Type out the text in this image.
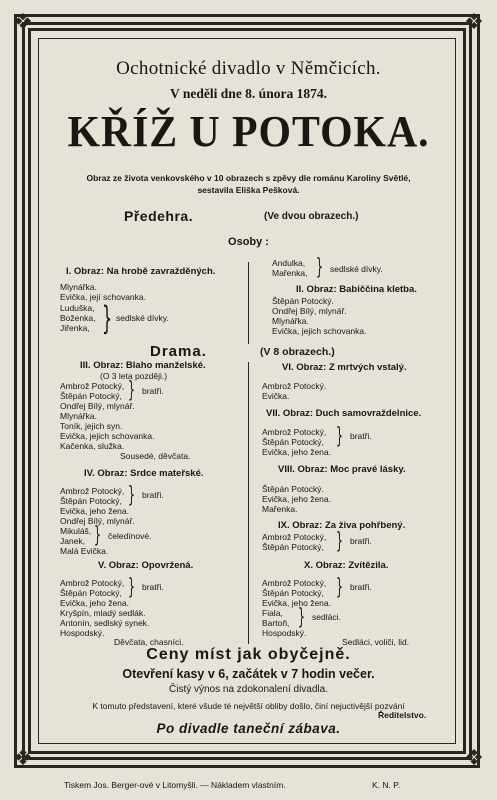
❖	❖
❖	❖
Ochotnické divadlo v Němčicích.
V neděli dne 8. února 1874.
KŘÍŽ U POTOKA.
Obraz ze života venkovského v 10 obrazech s zpěvy dle románu Karoliny Světlé,
sestavila Eliška Pešková.
Předehra.	(Ve dvou obrazech.)
Osoby :
Andulka,
Mařenka, } sedlské dívky.
I. Obraz: Na hrobě zavražděných.
Mlynářka.
Evička, její schovanka.
Luduška,
Boženka,
Jiřenka, } sedlské dívky.
II. Obraz: Babiččina kletba.
Štěpán Potocký.
Ondřej Bílý, mlynář.
Mlynářka.
Evička, jejich schovanka.
Drama.	(V 8 obrazech.)
III. Obraz: Blaho manželské.
(O 3 leta později.)
Ambrož Potocký,
Štěpán Potocký, } bratři.
Ondřej Bílý, mlynář.
Mlynářka.
Toník, jejich syn.
Evička, jejich schovanka.
Kačenka, služka.
Sousedé, děvčata.
VI. Obraz: Z mrtvých vstalý.
Ambrož Potocký.
Evička.
VII. Obraz: Duch samovraždelnice.
Ambrož Potocký,
Štěpán Potocký, } bratři.
Evička, jeho žena.
IV. Obraz: Srdce mateřské.
Ambrož Potocký,
Štěpán Potocký, } bratři.
Evička, jeho žena.
Ondřej Bílý, mlynář.
Mikuláš,
Janek, } čeledínové.
Malá Evička.
VIII. Obraz: Moc pravé lásky.
Štěpán Potocký.
Evička, jeho žena.
Mařenka.
IX. Obraz: Za živa pohřbený.
Ambrož Potocký,
Štěpán Potocký, } bratři.
V. Obraz: Opovržená.
Ambrož Potocký,
Štěpán Potocký, } bratři.
Evička, jeho žena.
Kryšpín, mladý sedlák.
Antonín, sedlský synek.
Hospodský.
Děvčata, chasníci.
X. Obraz: Zvítězila.
Ambrož Potocký,
Štěpán Potocký, } bratři.
Evička, jeho žena.
Fiala,
Bartoň, } sedláci.
Hospodský.
Sedláci, voliči, lid.
Ceny míst jak obyčejně.
Otevření kasy v 6, začátek v 7 hodin večer.
Čistý výnos na zdokonalení divadla.
K tomuto představení, které všude té největší obliby došlo, činí nejuctivější pozvání
Ředitelstvo.
Po divadle taneční zábava.
Tiskem Jos. Berger-ové v Litomyšli. — Nákladem vlastním.	K. N. P.
